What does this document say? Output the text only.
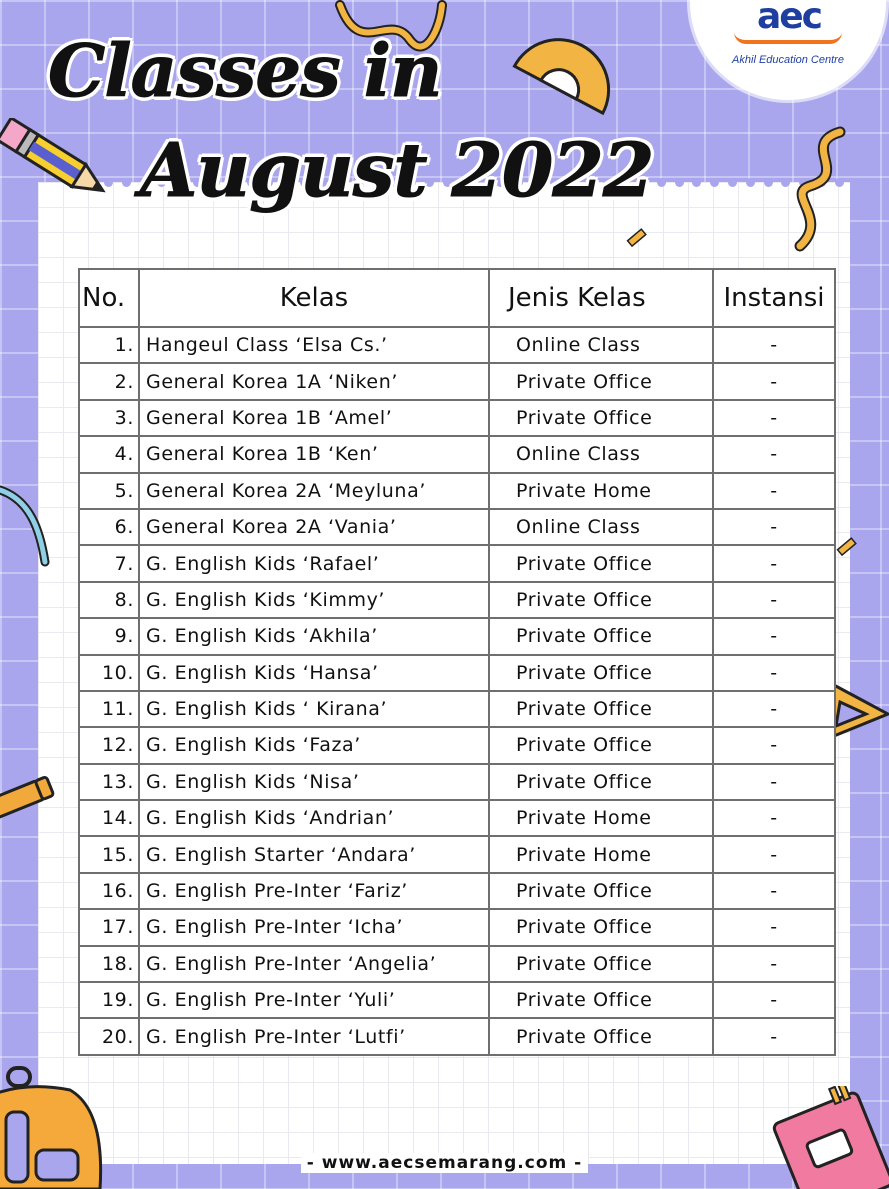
aec
Akhil Education Centre
Classes in
August 2022
No.	Kelas	Jenis Kelas	Instansi
1.	Hangeul Class ‘Elsa Cs.’	Online Class	-
2.	General Korea 1A ‘Niken’	Private Office	-
3.	General Korea 1B ‘Amel’	Private Office	-
4.	General Korea 1B ‘Ken’	Online Class	-
5.	General Korea 2A ‘Meyluna’	Private Home	-
6.	General Korea 2A ‘Vania’	Online Class	-
7.	G. English Kids ‘Rafael’	Private Office	-
8.	G. English Kids ‘Kimmy’	Private Office	-
9.	G. English Kids ‘Akhila’	Private Office	-
10.	G. English Kids ‘Hansa’	Private Office	-
11.	G. English Kids ‘ Kirana’	Private Office	-
12.	G. English Kids ‘Faza’	Private Office	-
13.	G. English Kids ‘Nisa’	Private Office	-
14.	G. English Kids ‘Andrian’	Private Home	-
15.	G. English Starter ‘Andara’	Private Home	-
16.	G. English Pre-Inter ‘Fariz’	Private Office	-
17.	G. English Pre-Inter ‘Icha’	Private Office	-
18.	G. English Pre-Inter ‘Angelia’	Private Office	-
19.	G. English Pre-Inter ‘Yuli’	Private Office	-
20.	G. English Pre-Inter ‘Lutfi’	Private Office	-
- www.aecsemarang.com -
